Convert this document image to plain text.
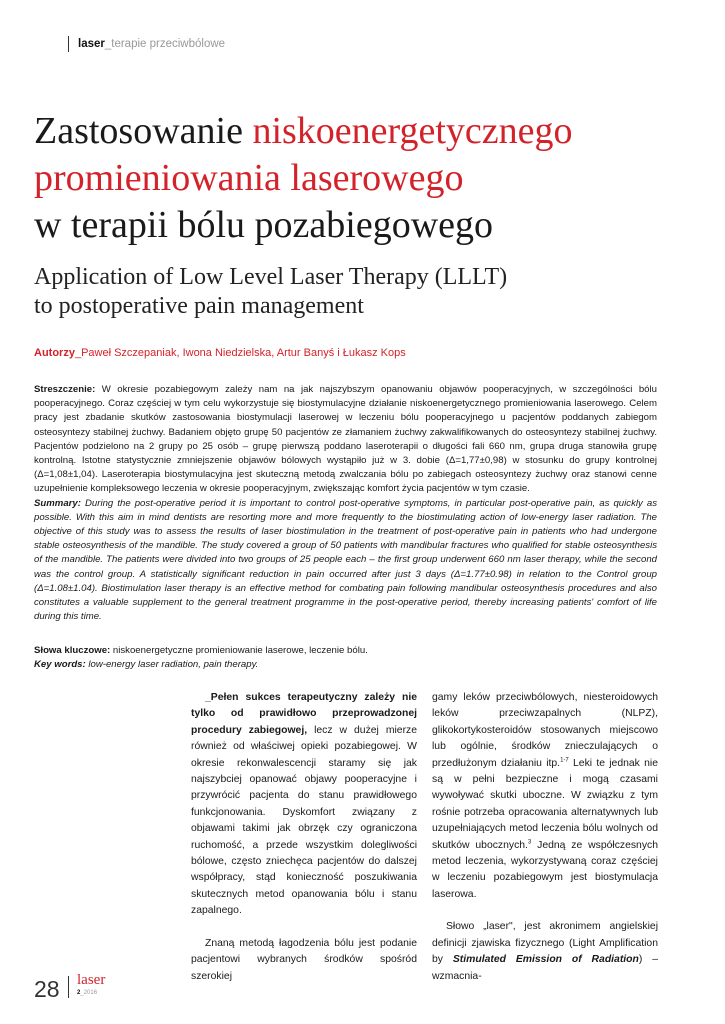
laser_terapie przeciwbólowe
Zastosowanie niskoenergetycznego
promieniowania laserowego
w terapii bólu pozabiegowego
Application of Low Level Laser Therapy (LLLT)
to postoperative pain management
Autorzy_Paweł Szczepaniak, Iwona Niedzielska, Artur Banyś i Łukasz Kops

Streszczenie: W okresie pozabiegowym zależy nam na jak najszybszym opanowaniu objawów pooperacyjnych, w szczególności bólu pooperacyjnego. Coraz częściej w tym celu wykorzystuje się biostymulacyjne działanie niskoenergetycznego promieniowania laserowego. Celem pracy jest zbadanie skutków zastosowania biostymulacji laserowej w leczeniu bólu pooperacyjnego u pacjentów poddanych zabiegom osteosyntezy stabilnej żuchwy. Badaniem objęto grupę 50 pacjentów ze złamaniem żuchwy zakwalifikowanych do osteosyntezy stabilnej żuchwy. Pacjentów podzielono na 2 grupy po 25 osób – grupę pierwszą poddano laseroterapii o długości fali 660 nm, grupa druga stanowiła grupę kontrolną. Istotne statystycznie zmniejszenie objawów bólowych wystąpiło już w 3. dobie (Δ=1,77±0,98) w stosunku do grupy kontrolnej (Δ=1,08±1,04). Laseroterapia biostymulacyjna jest skuteczną metodą zwalczania bólu po zabiegach osteosyntezy żuchwy oraz stanowi cenne uzupełnienie kompleksowego leczenia w okresie pooperacyjnym, zwiększając komfort życia pacjentów w tym czasie.

Summary: During the post-operative period it is important to control post-operative symptoms, in particular post-operative pain, as quickly as possible. With this aim in mind dentists are resorting more and more frequently to the biostimulating action of low-energy laser radiation. The objective of this study was to assess the results of laser biostimulation in the treatment of post-operative pain in patients who had undergone stable osteosynthesis of the mandible. The study covered a group of 50 patients with mandibular fractures who qualified for stable osteosynthesis of the mandible. The patients were divided into two groups of 25 people each – the first group underwent 660 nm laser therapy, while the second was the control group. A statistically significant reduction in pain occurred after just 3 days (Δ=1.77±0.98) in relation to the Control group (Δ=1.08±1.04). Biostimulation laser therapy is an effective method for combating pain following mandibular osteosynthesis procedures and also constitutes a valuable supplement to the general treatment programme in the post-operative period, thereby increasing patients' comfort of life during this time.

Słowa kluczowe: niskoenergetyczne promieniowanie laserowe, leczenie bólu.

Key words: low-energy laser radiation, pain therapy.

_Pełen sukces terapeutyczny zależy nie tylko od prawidłowo przeprowadzonej procedury zabiegowej, lecz w dużej mierze również od właściwej opieki pozabiegowej. W okresie rekonwalescencji staramy się jak najszybciej opanować objawy pooperacyjne i przywrócić pacjenta do stanu prawidłowego funkcjonowania. Dyskomfort związany z objawami takimi jak obrzęk czy ograniczona ruchomość, a przede wszystkim dolegliwości bólowe, często zniechęca pacjentów do dalszej współpracy, stąd konieczność poszukiwania skutecznych metod opanowania bólu i stanu zapalnego.

Znaną metodą łagodzenia bólu jest podanie pacjentowi wybranych środków spośród szerokiej

gamy leków przeciwbólowych, niesteroidowych leków przeciwzapalnych (NLPZ), glikokortykosteroidów stosowanych miejscowo lub ogólnie, środków znieczulających o przedłużonym działaniu itp.$^{1-7}$ Leki te jednak nie są w pełni bezpieczne i mogą czasami wywoływać skutki uboczne. W związku z tym rośnie potrzeba opracowania alternatywnych lub uzupełniających metod leczenia bólu wolnych od skutków ubocznych.$^3$ Jedną ze współczesnych metod leczenia, wykorzystywaną coraz częściej w leczeniu pozabiegowym jest biostymulacja laserowa.

Słowo „laser", jest akronimem angielskiej definicji zjawiska fizycznego (Light Amplification by Stimulated Emission of Radiation) – wzmacnia-

28 laser
2_2016
